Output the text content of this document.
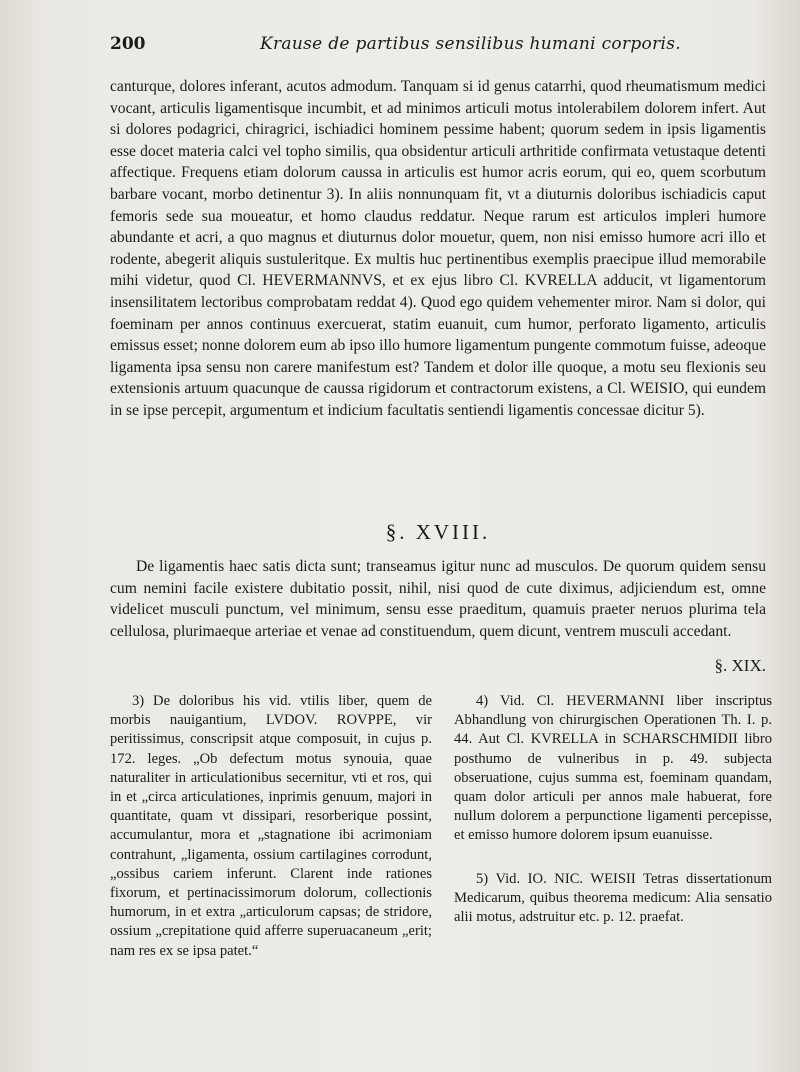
200	Krause de partibus sensilibus humani corporis.

canturque, dolores inferant, acutos admodum. Tanquam si id genus catarrhi, quod rheumatismum medici vocant, articulis ligamentisque incumbit, et ad minimos articuli motus intolerabilem dolorem infert. Aut si dolores podagrici, chiragrici, ischiadici hominem pessime habent; quorum sedem in ipsis ligamentis esse docet materia calci vel topho similis, qua obsidentur articuli arthritide confirmata vetustaque detenti affectique. Frequens etiam dolorum caussa in articulis est humor acris eorum, qui eo, quem scorbutum barbare vocant, morbo detinentur 3). In aliis nonnunquam fit, vt a diuturnis doloribus ischiadicis caput femoris sede sua moueatur, et homo claudus reddatur. Neque rarum est articulos impleri humore abundante et acri, a quo magnus et diuturnus dolor mouetur, quem, non nisi emisso humore acri illo et rodente, abegerit aliquis sustuleritque. Ex multis huc pertinentibus exemplis praecipue illud memorabile mihi videtur, quod Cl. HEVERMANNVS, et ex ejus libro Cl. KVRELLA adducit, vt ligamentorum insensilitatem lectoribus comprobatam reddat 4). Quod ego quidem vehementer miror. Nam si dolor, qui foeminam per annos continuus exercuerat, statim euanuit, cum humor, perforato ligamento, articulis emissus esset; nonne dolorem eum ab ipso illo humore ligamentum pungente commotum fuisse, adeoque ligamenta ipsa sensu non carere manifestum est? Tandem et dolor ille quoque, a motu seu flexionis seu extensionis artuum quacunque de caussa rigidorum et contractorum existens, a Cl. WEISIO, qui eundem in se ipse percepit, argumentum et indicium facultatis sentiendi ligamentis concessae dicitur 5).

§. XVIII.

De ligamentis haec satis dicta sunt; transeamus igitur nunc ad musculos. De quorum quidem sensu cum nemini facile existere dubitatio possit, nihil, nisi quod de cute diximus, adjiciendum est, omne videlicet musculi punctum, vel minimum, sensu esse praeditum, quamuis praeter neruos plurima tela cellulosa, plurimaeque arteriae et venae ad constituendum, quem dicunt, ventrem musculi accedant.

§. XIX.

3) De doloribus his vid. vtilis liber, quem de morbis nauigantium, LVDOV. ROVPPE, vir peritissimus, conscripsit atque composuit, in cujus p. 172. leges. „Ob defectum motus synouia, quae naturaliter in articulationibus secernitur, vti et ros, qui in et „circa articulationes, inprimis genuum, majori in quantitate, quam vt dissipari, resorberique possint, accumulantur, mora et „stagnatione ibi acrimoniam contrahunt, „ligamenta, ossium cartilagines corrodunt, „ossibus cariem inferunt. Clarent inde rationes fixorum, et pertinacissimorum dolorum, collectionis humorum, in et extra „articulorum capsas; de stridore, ossium „crepitatione quid afferre superuacaneum „erit; nam res ex se ipsa patet.“

4) Vid. Cl. HEVERMANNI liber inscriptus Abhandlung von chirurgischen Operationen Th. I. p. 44. Aut Cl. KVRELLA in SCHARSCHMIDII libro posthumo de vulneribus in p. 49. subjecta obseruatione, cujus summa est, foeminam quandam, quam dolor articuli per annos male habuerat, fore nullum dolorem a perpunctione ligamenti percepisse, et emisso humore dolorem ipsum euanuisse.

5) Vid. IO. NIC. WEISII Tetras dissertationum Medicarum, quibus theorema medicum: Alia sensatio alii motus, adstruitur etc. p. 12. praefat.
